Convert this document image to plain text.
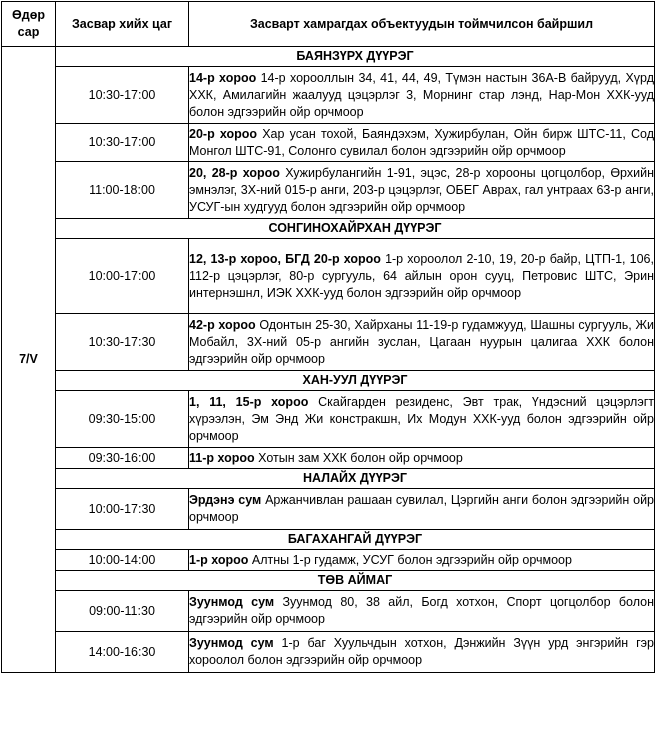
Өдөр сар	Засвар хийх цаг	Засварт хамрагдах объектуудын тоймчилсон байршил
7/V	БАЯНЗҮРХ ДҮҮРЭГ	
	10:30-17:00	14-р хороо 14-р хорооллын 34, 41, 44, 49, Түмэн настын 36А-В байрууд, Хүрд ХХК, Амилагийн жаалууд цэцэрлэг 3, Морнинг стар лэнд, Нар-Мон ХХК-ууд болон эдгээрийн ойр орчмоор
	10:30-17:00	20-р хороо Хар усан тохой, Баяндэхэм, Хужирбулан, Ойн бирж ШТС-11, Сод Монгол ШТС-91, Солонго сувилал болон эдгээрийн ойр орчмоор
	11:00-18:00	20, 28-р хороо Хужирбулангийн 1-91, эцэс, 28-р хорооны цогцолбор, Өрхийн эмнэлэг, 3Х-ний 015-р анги, 203-р цэцэрлэг, ОБЕГ Аврах, гал унтраах 63-р анги, УСУГ-ын худгууд болон эдгээрийн ойр орчмоор
	СОНГИНОХАЙРХАН ДҮҮРЭГ	
	10:00-17:00	12, 13-р хороо, БГД 20-р хороо 1-р хороолол 2-10, 19, 20-р байр, ЦТП-1, 106, 112-р цэцэрлэг, 80-р сургууль, 64 айлын орон сууц, Петровис ШТС, Эрин интернэшнл, ИЭК ХХК-ууд болон эдгээрийн ойр орчмоор
	10:30-17:30	42-р хороо Одонтын 25-30, Хайрханы 11-19-р гудамжууд, Шашны сургууль, Жи Мобайл, 3Х-ний 05-р ангийн зуслан, Цагаан нуурын цалигаа ХХК болон эдгээрийн ойр орчмоор
	ХАН-УУЛ ДҮҮРЭГ	
	09:30-15:00	1, 11, 15-р хороо Скайгарден резиденс, Эвт трак, Үндэсний цэцэрлэгт хүрээлэн, Эм Энд Жи констракшн, Их Модун ХХК-ууд болон эдгээрийн ойр орчмоор
	09:30-16:00	11-р хороо Хотын зам ХХК болон ойр орчмоор
	НАЛАЙХ ДҮҮРЭГ	
	10:00-17:30	Эрдэнэ сум Аржанчивлан рашаан сувилал, Цэргийн анги болон эдгээрийн ойр орчмоор
	БАГАХАНГАЙ ДҮҮРЭГ	
	10:00-14:00	1-р хороо Алтны 1-р гудамж, УСУГ болон эдгээрийн ойр орчмоор
	ТӨВ АЙМАГ	
	09:00-11:30	Зуунмод сум Зуунмод 80, 38 айл, Богд хотхон, Спорт цогцолбор болон эдгээрийн ойр орчмоор
	14:00-16:30	Зуунмод сум 1-р баг Хуульчдын хотхон, Дэнжийн Зүүн урд энгэрийн гэр хороолол болон эдгээрийн ойр орчмоор
